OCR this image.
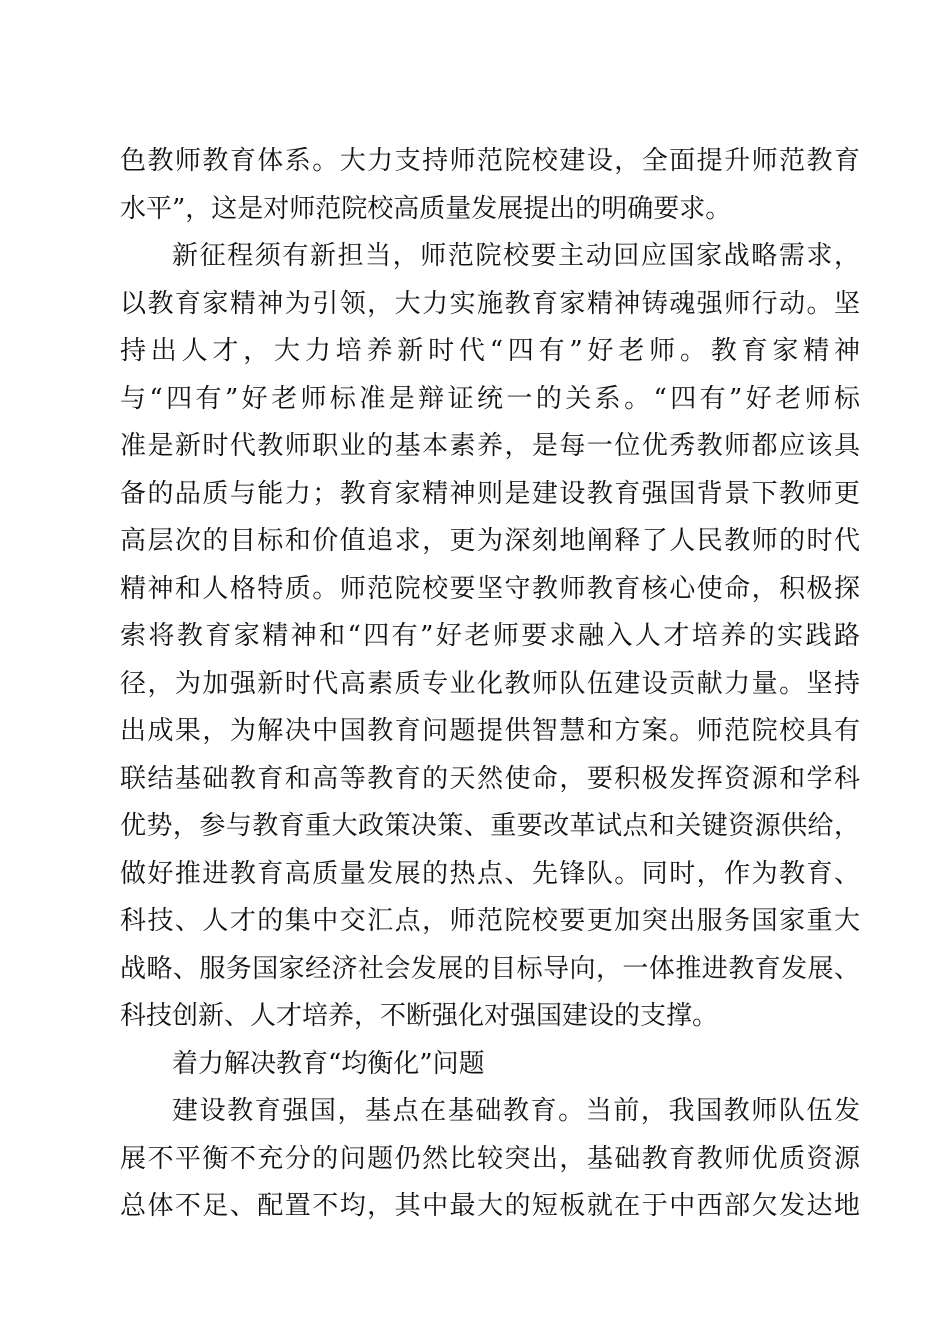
色教师教育体系。大力支持师范院校建设，全面提升师范教育
水平”，这是对师范院校高质量发展提出的明确要求。
新征程须有新担当，师范院校要主动回应国家战略需求，
以教育家精神为引领，大力实施教育家精神铸魂强师行动。坚
持出人才，大力培养新时代“四有”好老师。教育家精神
与“四有”好老师标准是辩证统一的关系。“四有”好老师标
准是新时代教师职业的基本素养，是每一位优秀教师都应该具
备的品质与能力；教育家精神则是建设教育强国背景下教师更
高层次的目标和价值追求，更为深刻地阐释了人民教师的时代
精神和人格特质。师范院校要坚守教师教育核心使命，积极探
索将教育家精神和“四有”好老师要求融入人才培养的实践路
径，为加强新时代高素质专业化教师队伍建设贡献力量。坚持
出成果，为解决中国教育问题提供智慧和方案。师范院校具有
联结基础教育和高等教育的天然使命，要积极发挥资源和学科
优势，参与教育重大政策决策、重要改革试点和关键资源供给，
做好推进教育高质量发展的热点、先锋队。同时，作为教育、
科技、人才的集中交汇点，师范院校要更加突出服务国家重大
战略、服务国家经济社会发展的目标导向，一体推进教育发展、
科技创新、人才培养，不断强化对强国建设的支撑。
着力解决教育“均衡化”问题
建设教育强国，基点在基础教育。当前，我国教师队伍发
展不平衡不充分的问题仍然比较突出，基础教育教师优质资源
总体不足、配置不均，其中最大的短板就在于中西部欠发达地
